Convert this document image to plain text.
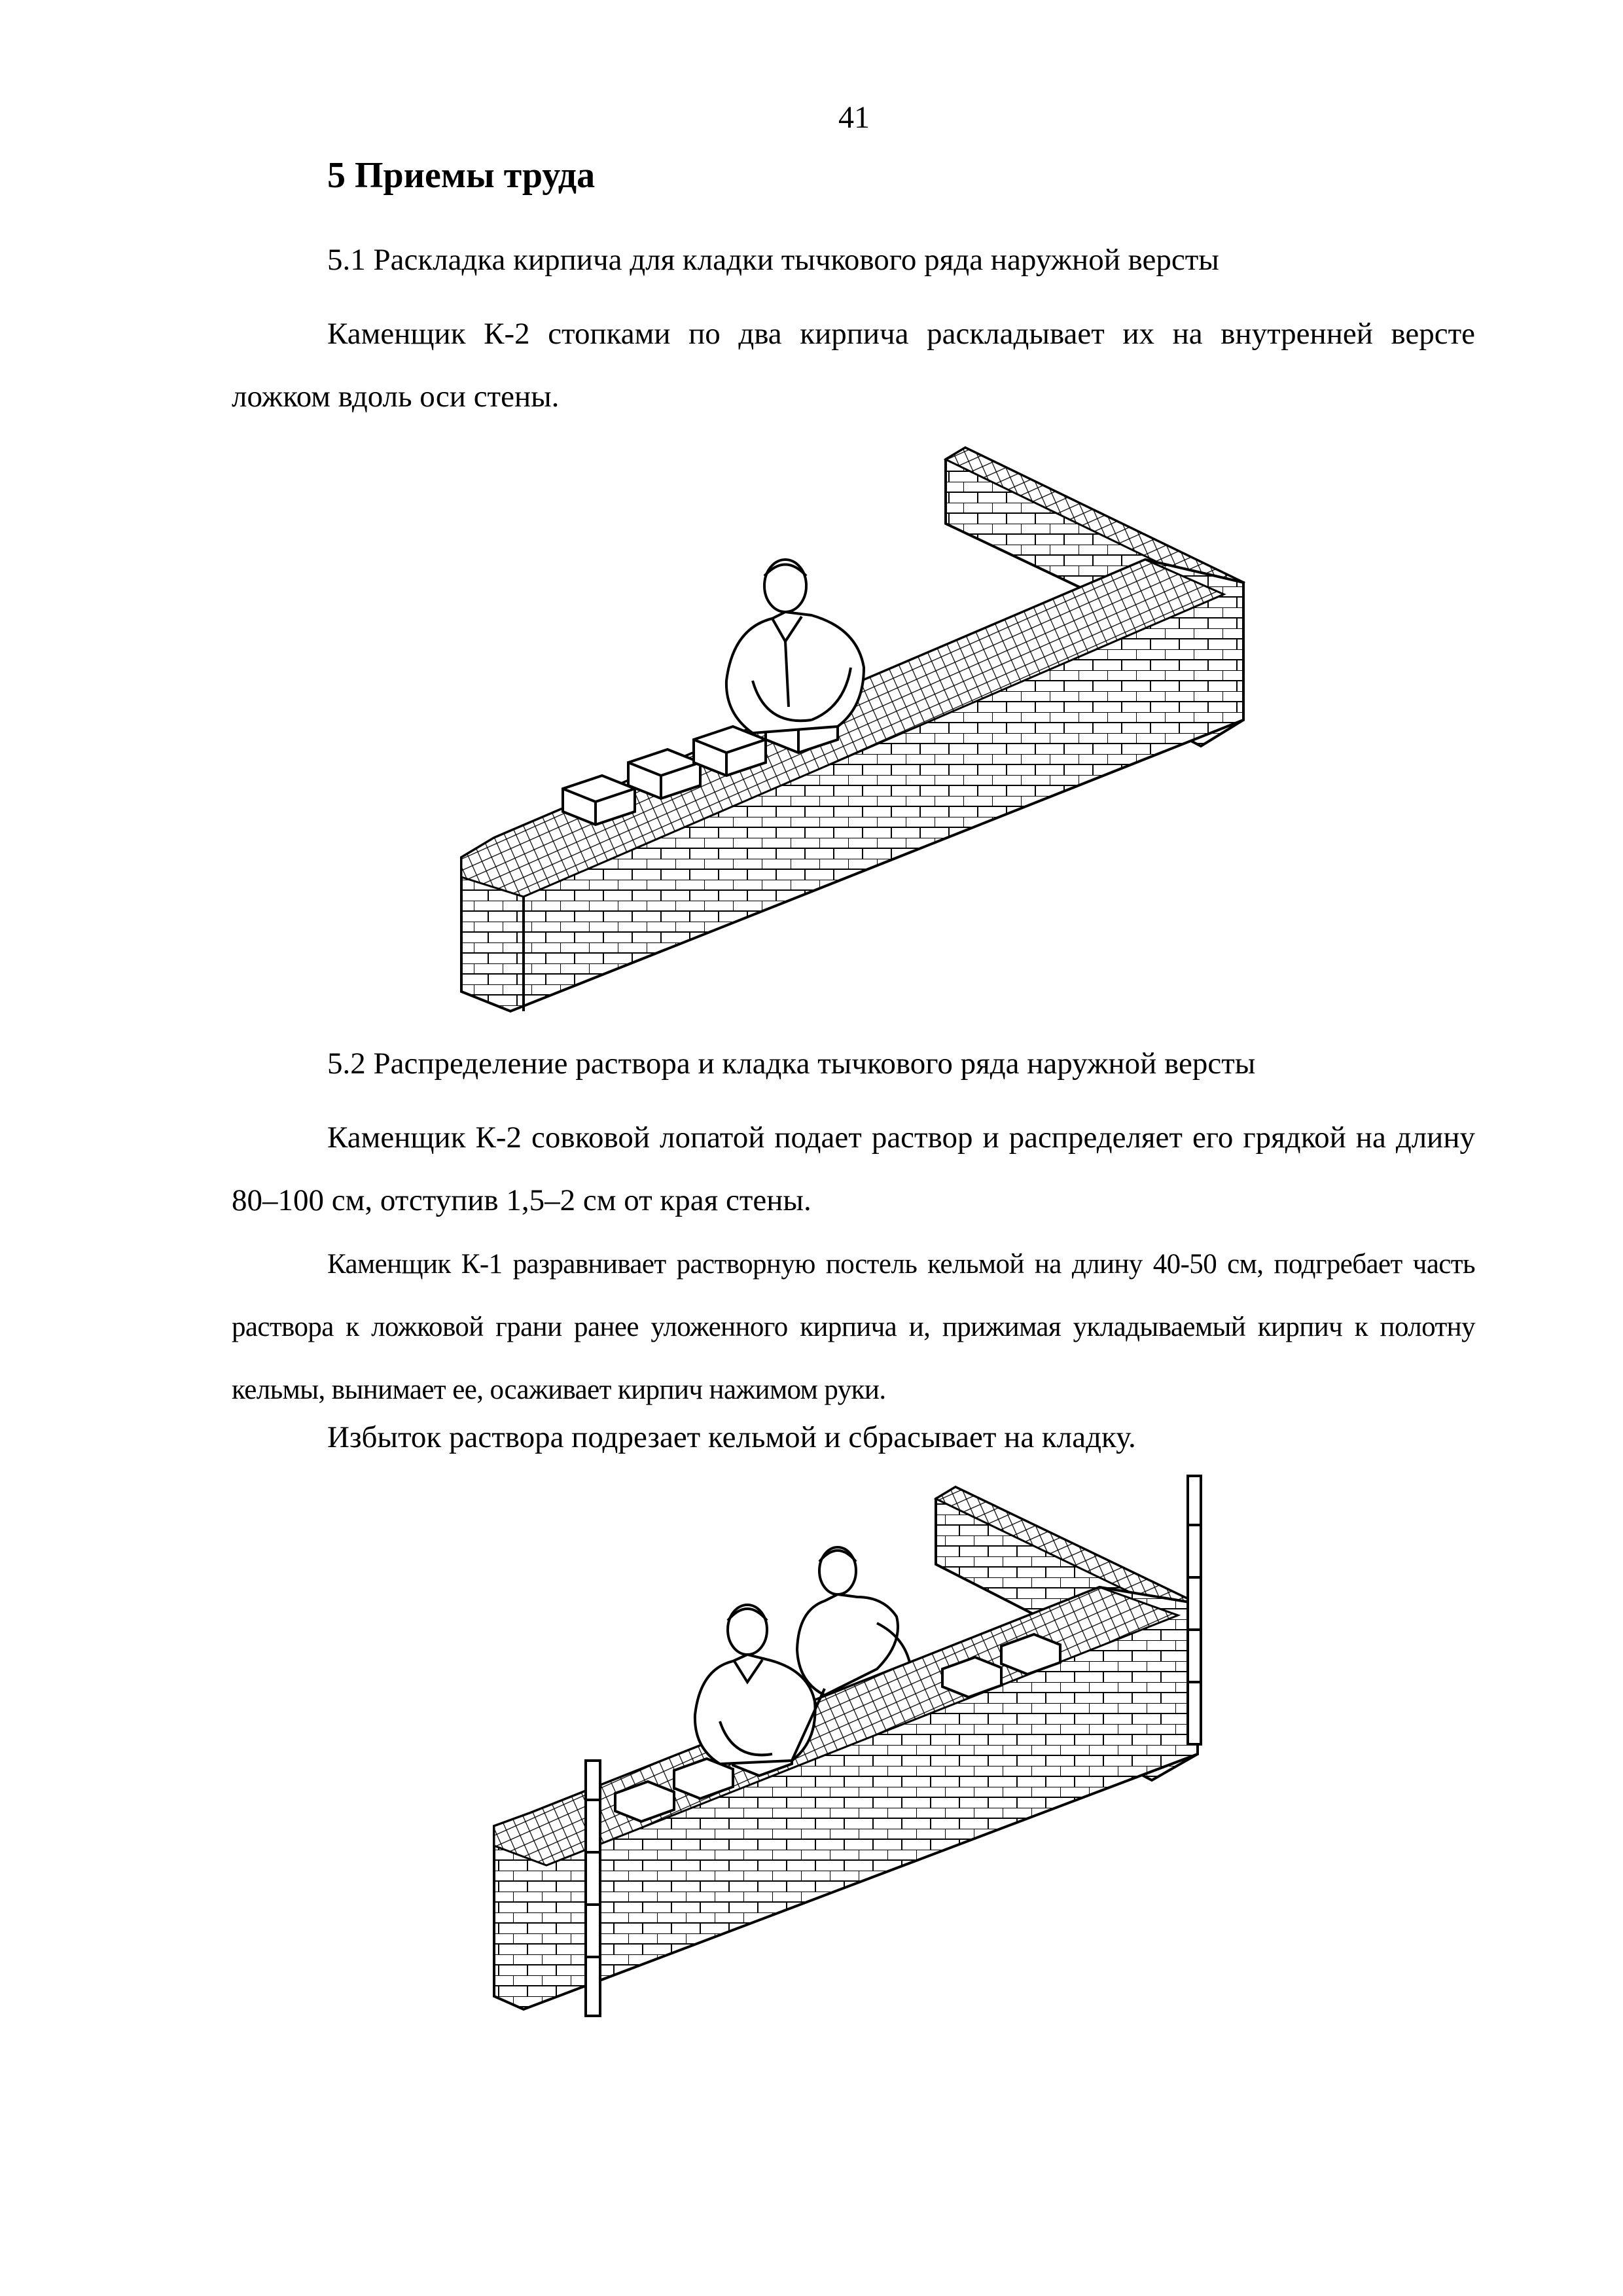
41
5 Приемы труда
5.1 Раскладка кирпича для кладки тычкового ряда наружной версты
Каменщик К-2 стопками по два кирпича раскладывает их на внутренней версте ложком вдоль оси стены.
5.2 Распределение раствора и кладка тычкового ряда наружной версты
Каменщик К-2 совковой лопатой подает раствор и распределяет его грядкой на длину 80–100 см, отступив 1,5–2 см от края стены.
Каменщик К-1 разравнивает растворную постель кельмой на длину 40-50 см, подгребает часть раствора к ложковой грани ранее уложенного кирпича и, прижимая укладываемый кирпич к полотну кельмы, вынимает ее, осаживает кирпич нажимом руки.
Избыток раствора подрезает кельмой и сбрасывает на кладку.
